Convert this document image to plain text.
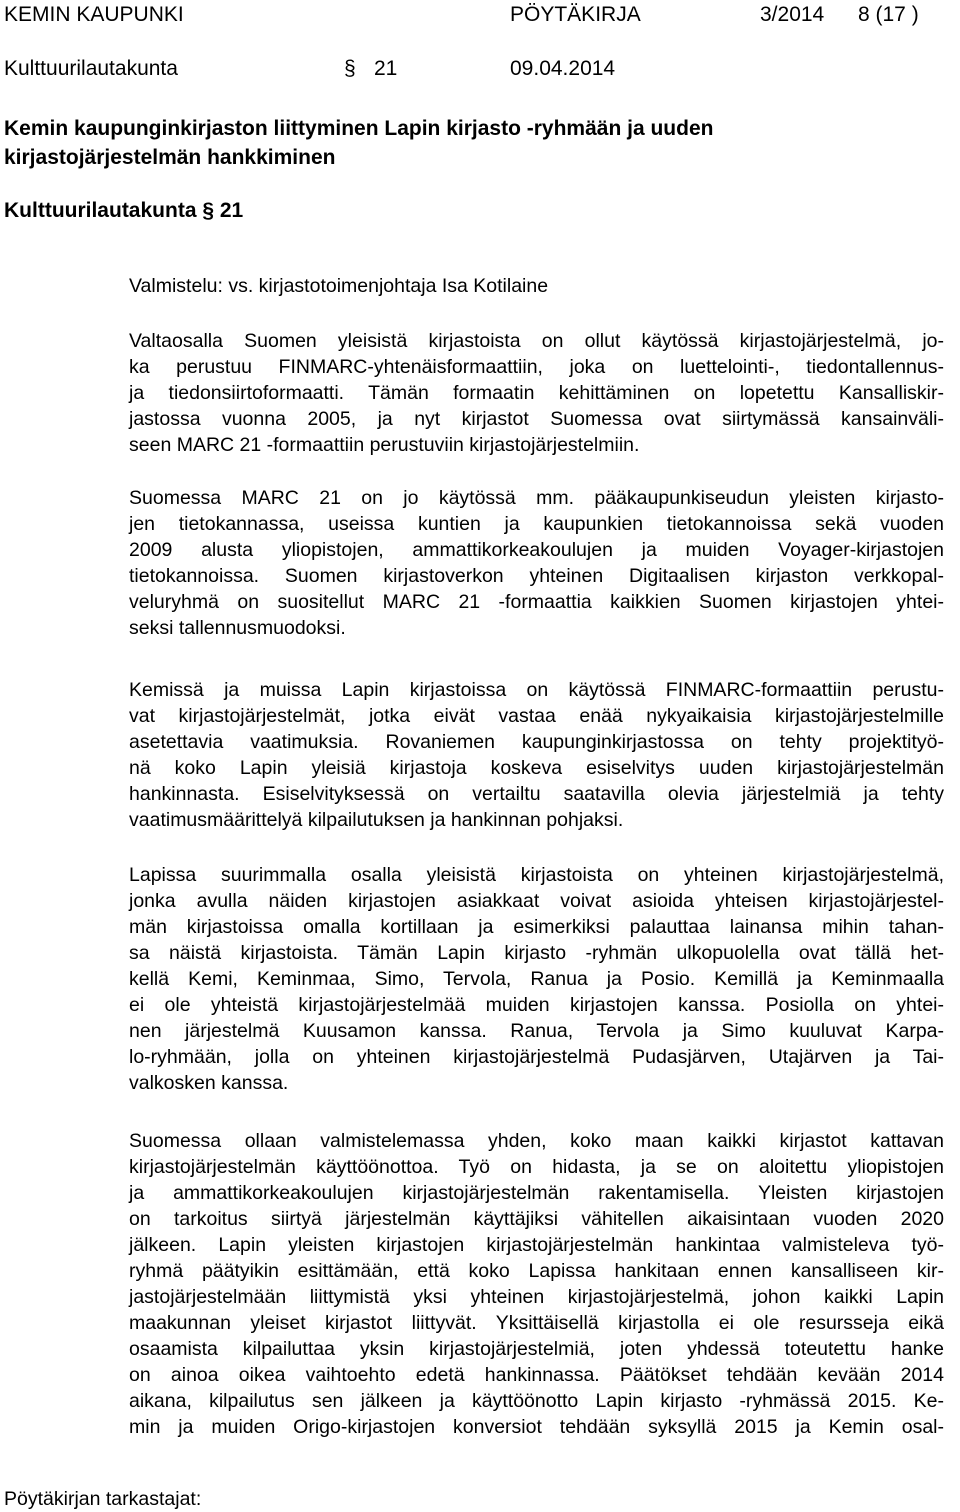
KEMIN KAUPUNKI	PÖYTÄKIRJA	3/2014 8 (17 )
Kulttuurilautakunta	§ 21	09.04.2014
Kemin kaupunginkirjaston liittyminen Lapin kirjasto -ryhmään ja uuden
kirjastojärjestelmän hankkiminen
Kulttuurilautakunta § 21
Valmistelu: vs. kirjastotoimenjohtaja Isa Kotilaine
Valtaosalla Suomen yleisistä kirjastoista on ollut käytössä kirjastojärjestelmä, jo-
ka perustuu FINMARC-yhtenäisformaattiin, joka on luettelointi-, tiedontallennus-
ja tiedonsiirtoformaatti. Tämän formaatin kehittäminen on lopetettu Kansalliskir-
jastossa vuonna 2005, ja nyt kirjastot Suomessa ovat siirtymässä kansainväli-
seen MARC 21 -formaattiin perustuviin kirjastojärjestelmiin.
Suomessa MARC 21 on jo käytössä mm. pääkaupunkiseudun yleisten kirjasto-
jen tietokannassa, useissa kuntien ja kaupunkien tietokannoissa sekä vuoden
2009 alusta yliopistojen, ammattikorkeakoulujen ja muiden Voyager-kirjastojen
tietokannoissa. Suomen kirjastoverkon yhteinen Digitaalisen kirjaston verkkopal-
veluryhmä on suositellut MARC 21 -formaattia kaikkien Suomen kirjastojen yhtei-
seksi tallennusmuodoksi.
Kemissä ja muissa Lapin kirjastoissa on käytössä FINMARC-formaattiin perustu-
vat kirjastojärjestelmät, jotka eivät vastaa enää nykyaikaisia kirjastojärjestelmille
asetettavia vaatimuksia. Rovaniemen kaupunginkirjastossa on tehty projektityö-
nä koko Lapin yleisiä kirjastoja koskeva esiselvitys uuden kirjastojärjestelmän
hankinnasta. Esiselvityksessä on vertailtu saatavilla olevia järjestelmiä ja tehty
vaatimusmäärittelyä kilpailutuksen ja hankinnan pohjaksi.
Lapissa suurimmalla osalla yleisistä kirjastoista on yhteinen kirjastojärjestelmä,
jonka avulla näiden kirjastojen asiakkaat voivat asioida yhteisen kirjastojärjestel-
män kirjastoissa omalla kortillaan ja esimerkiksi palauttaa lainansa mihin tahan-
sa näistä kirjastoista. Tämän Lapin kirjasto -ryhmän ulkopuolella ovat tällä het-
kellä Kemi, Keminmaa, Simo, Tervola, Ranua ja Posio. Kemillä ja Keminmaalla
ei ole yhteistä kirjastojärjestelmää muiden kirjastojen kanssa. Posiolla on yhtei-
nen järjestelmä Kuusamon kanssa. Ranua, Tervola ja Simo kuuluvat Karpa-
lo-ryhmään, jolla on yhteinen kirjastojärjestelmä Pudasjärven, Utajärven ja Tai-
valkosken kanssa.
Suomessa ollaan valmistelemassa yhden, koko maan kaikki kirjastot kattavan
kirjastojärjestelmän käyttöönottoa. Työ on hidasta, ja se on aloitettu yliopistojen
ja ammattikorkeakoulujen kirjastojärjestelmän rakentamisella. Yleisten kirjastojen
on tarkoitus siirtyä järjestelmän käyttäjiksi vähitellen aikaisintaan vuoden 2020
jälkeen. Lapin yleisten kirjastojen kirjastojärjestelmän hankintaa valmisteleva työ-
ryhmä päätyikin esittämään, että koko Lapissa hankitaan ennen kansalliseen kir-
jastojärjestelmään liittymistä yksi yhteinen kirjastojärjestelmä, johon kaikki Lapin
maakunnan yleiset kirjastot liittyvät. Yksittäisellä kirjastolla ei ole resursseja eikä
osaamista kilpailuttaa yksin kirjastojärjestelmiä, joten yhdessä toteutettu hanke
on ainoa oikea vaihtoehto edetä hankinnassa. Päätökset tehdään kevään 2014
aikana, kilpailutus sen jälkeen ja käyttöönotto Lapin kirjasto -ryhmässä 2015. Ke-
min ja muiden Origo-kirjastojen konversiot tehdään syksyllä 2015 ja Kemin osal-
Pöytäkirjan tarkastajat:
